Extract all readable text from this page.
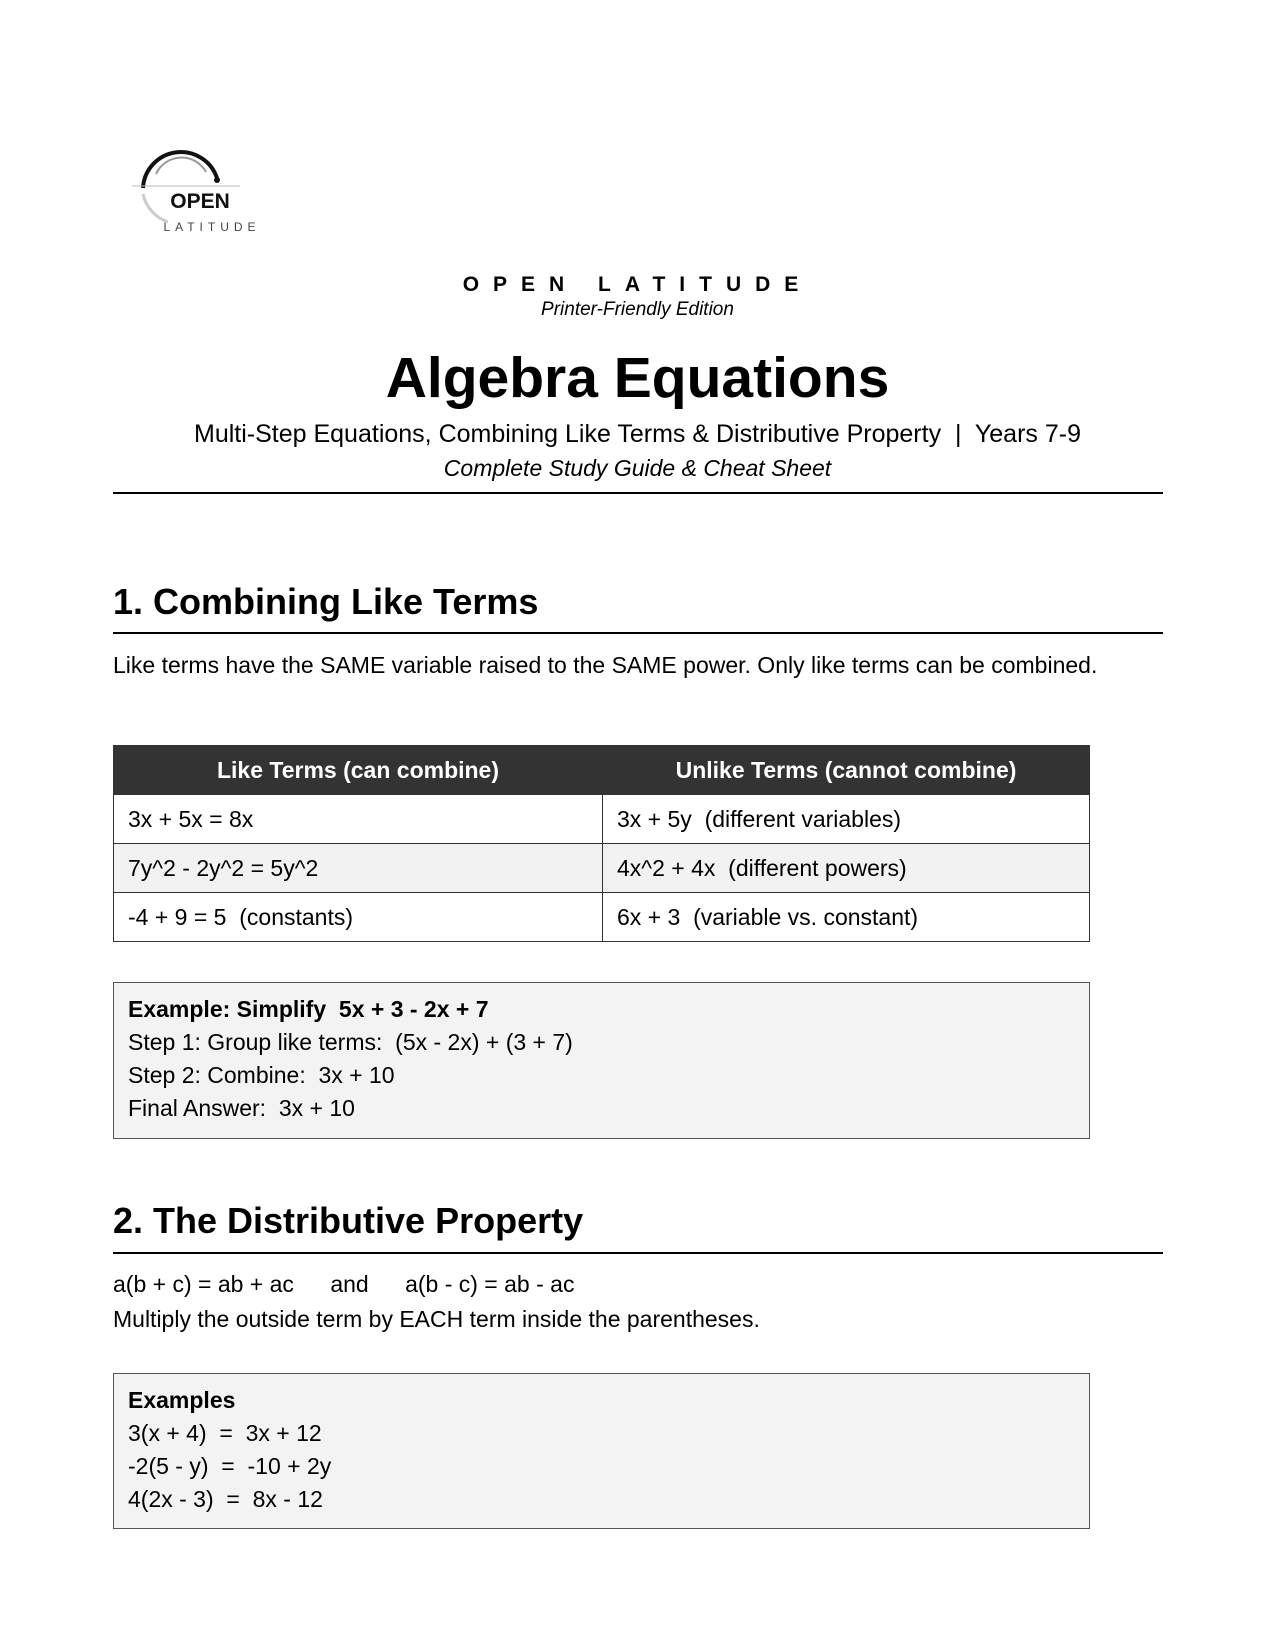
OPEN
LATITUDE
OPEN LATITUDE
Printer-Friendly Edition
Algebra Equations
Multi-Step Equations, Combining Like Terms & Distributive Property  |  Years 7-9
Complete Study Guide & Cheat Sheet
1. Combining Like Terms
Like terms have the SAME variable raised to the SAME power. Only like terms can be combined.
Like Terms (can combine)	Unlike Terms (cannot combine)
3x + 5x = 8x	3x + 5y  (different variables)
7y^2 - 2y^2 = 5y^2	4x^2 + 4x  (different powers)
-4 + 9 = 5  (constants)	6x + 3  (variable vs. constant)
Example: Simplify  5x + 3 - 2x + 7
Step 1: Group like terms:  (5x - 2x) + (3 + 7)
Step 2: Combine:  3x + 10
Final Answer:  3x + 10
2. The Distributive Property
a(b + c) = ab + ac and a(b - c) = ab - ac
Multiply the outside term by EACH term inside the parentheses.
Examples
3(x + 4)  =  3x + 12
-2(5 - y)  =  -10 + 2y
4(2x - 3)  =  8x - 12
